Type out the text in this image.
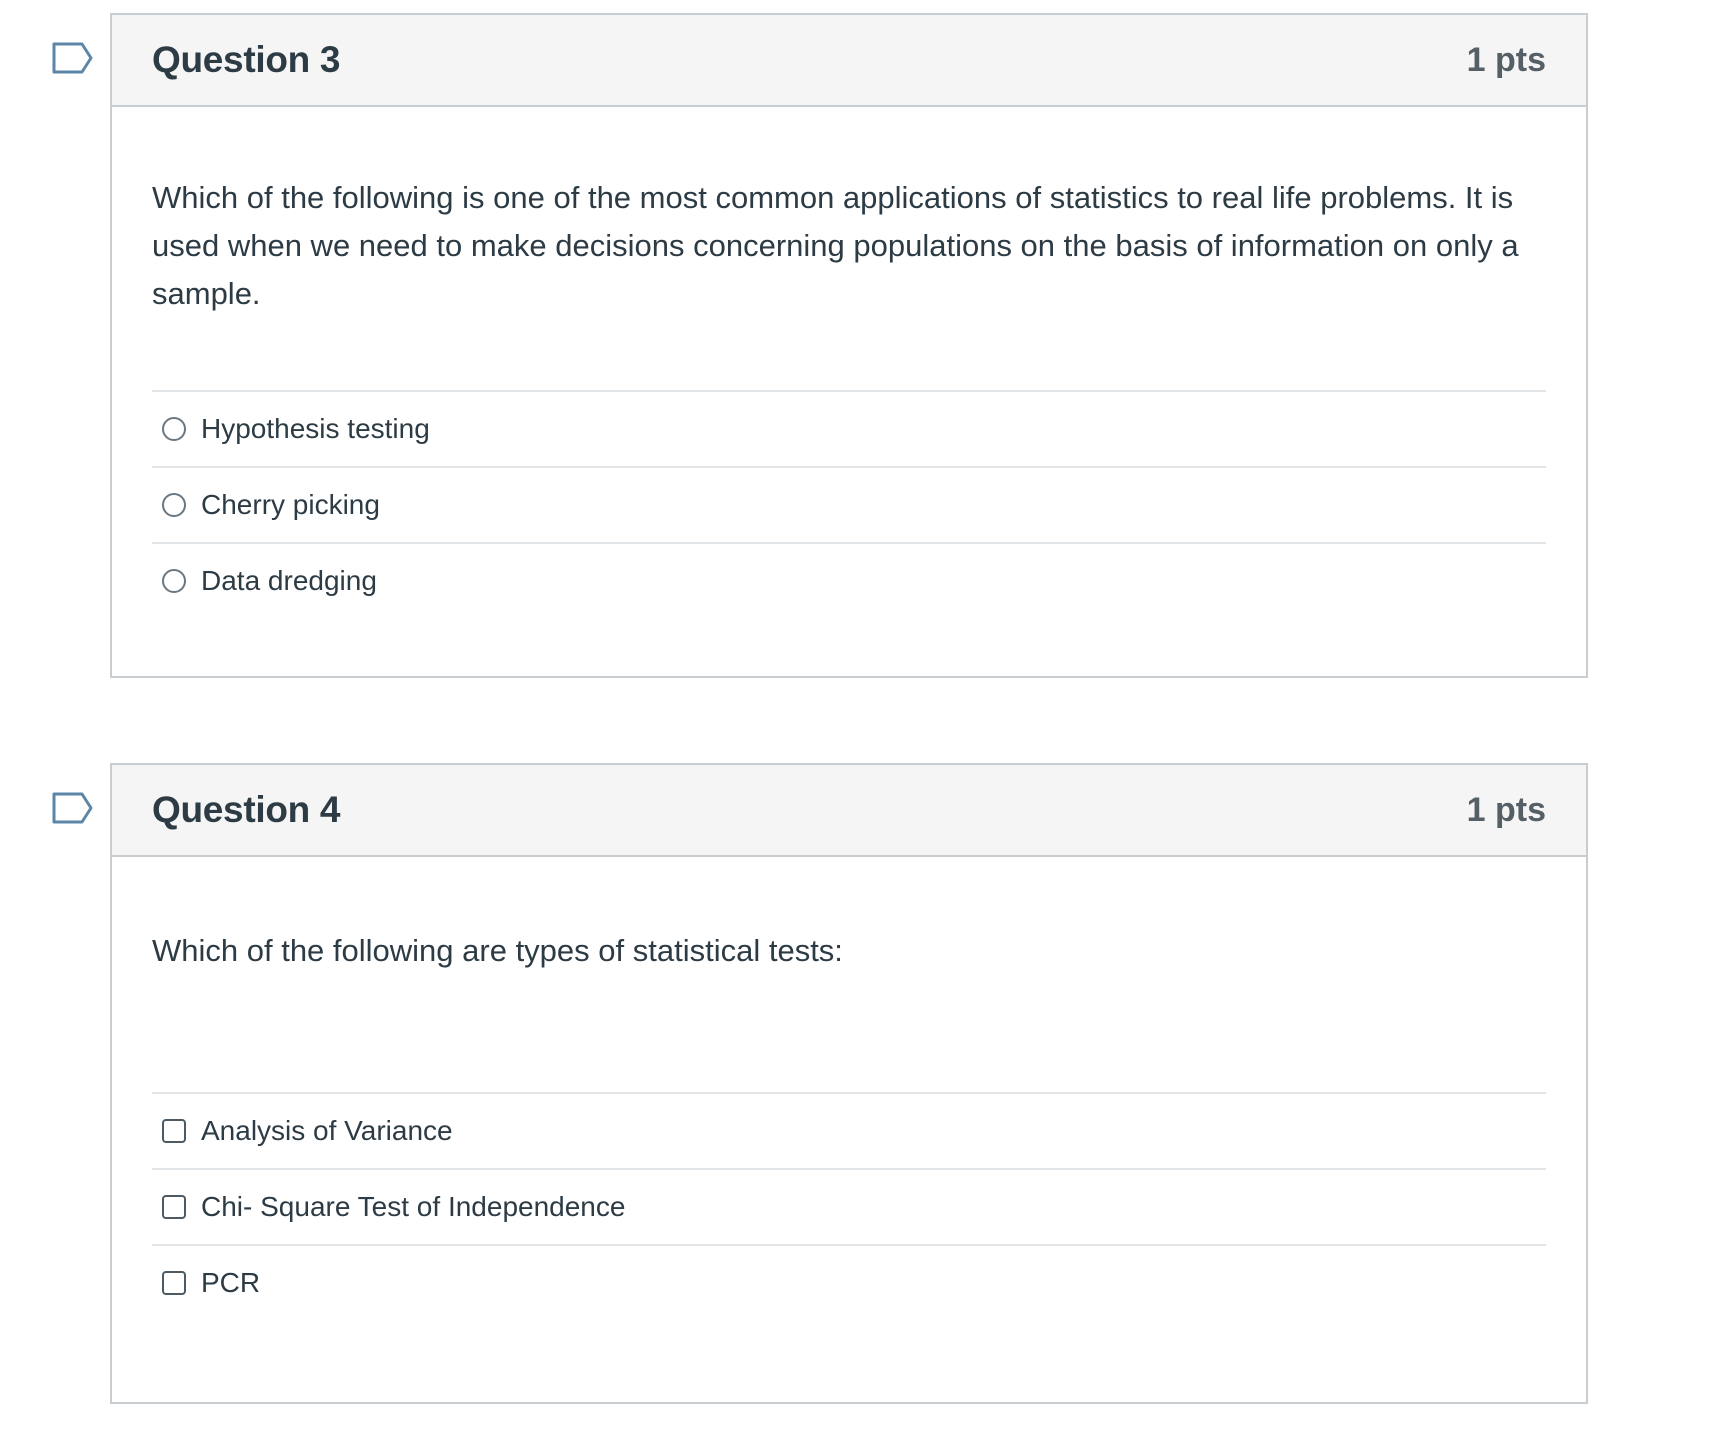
Question 3	1 pts

Which of the following is one of the most common applications of statistics to real life problems. It is used when we need to make decisions concerning populations on the basis of information on only a sample.

Hypothesis testing
Cherry picking
Data dredging
Question 4	1 pts

Which of the following are types of statistical tests:

Analysis of Variance
Chi- Square Test of Independence
PCR
